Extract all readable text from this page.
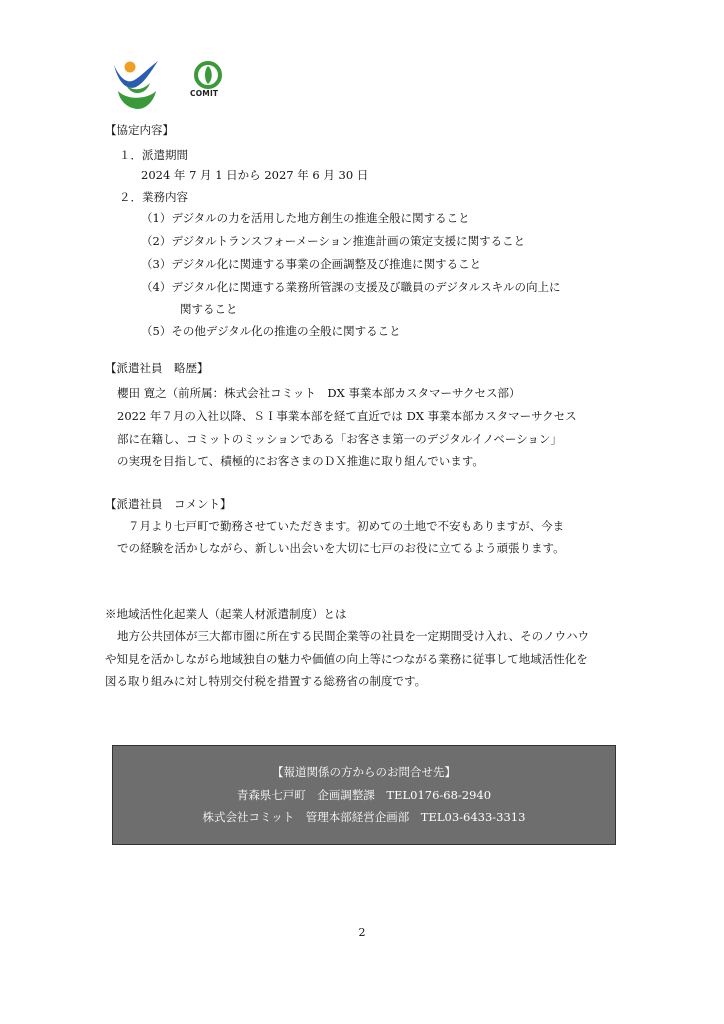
COMIT
【協定内容】
１．派遣期間
2024 年 7 月 1 日から 2027 年 6 月 30 日
２．業務内容
（1）デジタルの力を活用した地方創生の推進全般に関すること
（2）デジタルトランスフォーメーション推進計画の策定支援に関すること
（3）デジタル化に関連する事業の企画調整及び推進に関すること
（4）デジタル化に関連する業務所管課の支援及び職員のデジタルスキルの向上に
関すること
（5）その他デジタル化の推進の全般に関すること
【派遣社員　略歴】
櫻田 寛之（前所属：株式会社コミット　DX 事業本部カスタマーサクセス部）
2022 年７月の入社以降、ＳＩ事業本部を経て直近では DX 事業本部カスタマーサクセス
部に在籍し、コミットのミッションである「お客さま第一のデジタルイノベーション」
の実現を目指して、積極的にお客さまのＤＸ推進に取り組んでいます。
【派遣社員　コメント】
７月より七戸町で勤務させていただきます。初めての土地で不安もありますが、今ま
での経験を活かしながら、新しい出会いを大切に七戸のお役に立てるよう頑張ります。
※地域活性化起業人（起業人材派遣制度）とは
地方公共団体が三大都市圏に所在する民間企業等の社員を一定期間受け入れ、そのノウハウ
や知見を活かしながら地域独自の魅力や価値の向上等につながる業務に従事して地域活性化を
図る取り組みに対し特別交付税を措置する総務省の制度です。
【報道関係の方からのお問合せ先】
青森県七戸町　企画調整課　TEL0176-68-2940
株式会社コミット　管理本部経営企画部　TEL03-6433-3313
2
